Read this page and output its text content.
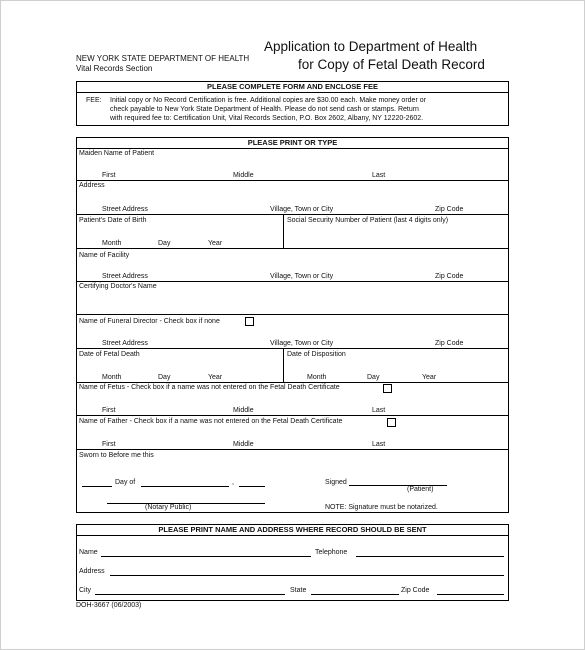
NEW YORK STATE DEPARTMENT OF HEALTH
Vital Records Section
Application to Department of Health
for Copy of Fetal Death Record
PLEASE COMPLETE FORM AND ENCLOSE FEE
FEE: Initial copy or No Record Certification is free. Additional copies are $30.00 each. Make money order or
check payable to New York State Department of Health. Please do not send cash or stamps. Return
with required fee to: Certification Unit, Vital Records Section, P.O. Box 2602, Albany, NY 12220-2602.
PLEASE PRINT OR TYPE
Maiden Name of Patient
First	Middle	Last
Address
Street Address	Village, Town or City	Zip Code
Patient's Date of Birth	Social Security Number of Patient (last 4 digits only)
Month	Day	Year
Name of Facility
Street Address	Village, Town or City	Zip Code
Certifying Doctor's Name
Name of Funeral Director - Check box if none
Street Address	Village, Town or City	Zip Code
Date of Fetal Death	Date of Disposition
Month	Day	Year	Month	Day	Year
Name of Fetus - Check box if a name was not entered on the Fetal Death Certificate
First	Middle	Last
Name of Father - Check box if a name was not entered on the Fetal Death Certificate
First	Middle	Last
Sworn to Before me this
Day of	,
(Notary Public)
Signed
(Patient)
NOTE: Signature must be notarized.
PLEASE PRINT NAME AND ADDRESS WHERE RECORD SHOULD BE SENT
Name	Telephone
Address
City	State	Zip Code
DOH-3667 (06/2003)
